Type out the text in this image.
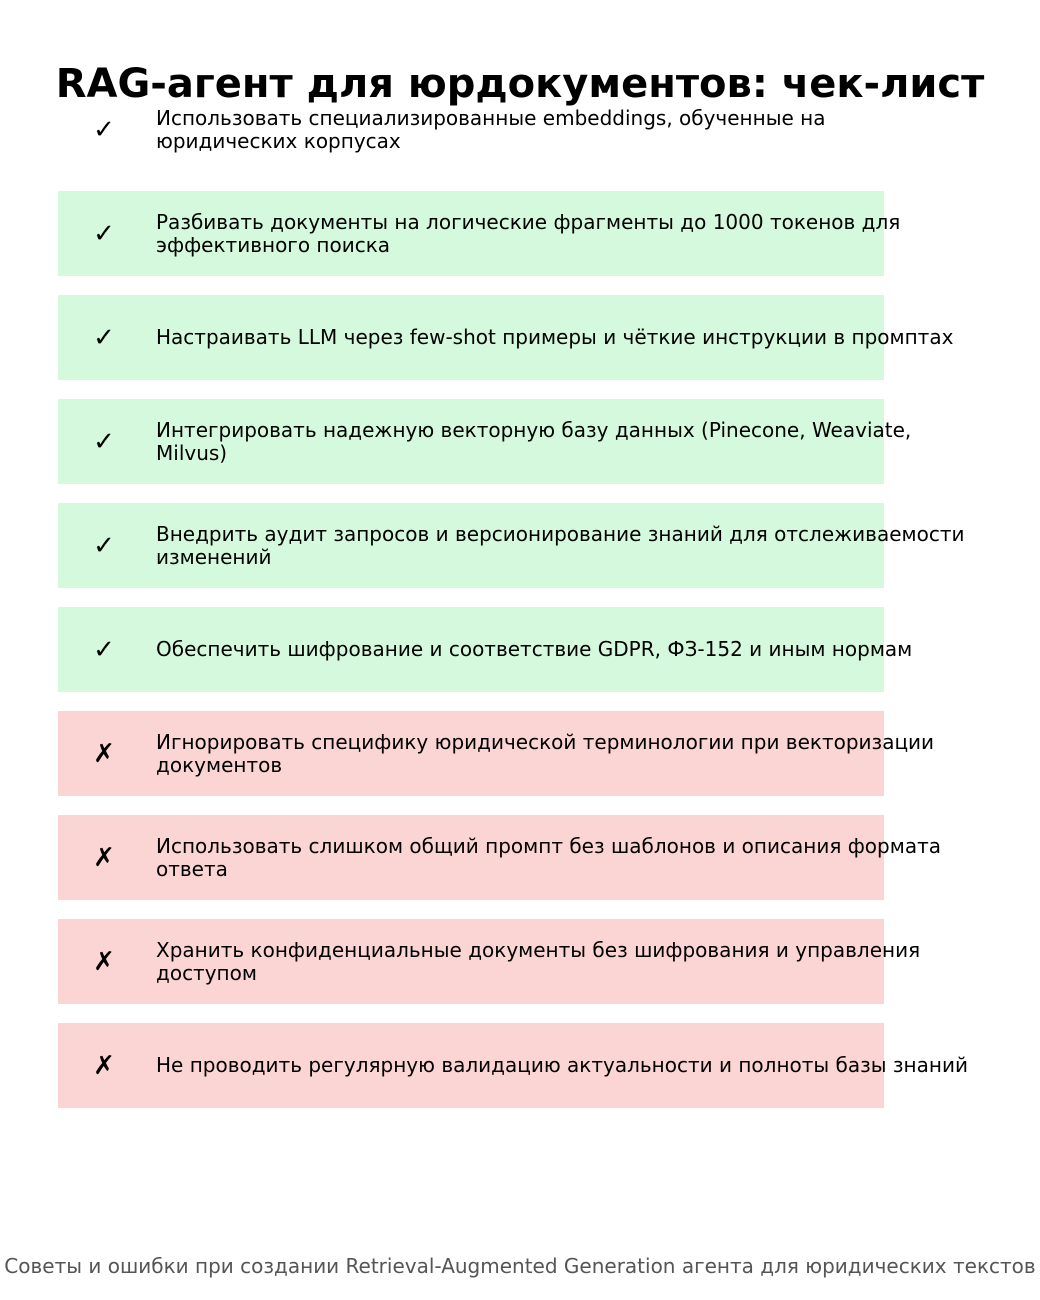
RAG-агент для юрдокументов: чек-лист
✓ Использовать специализированные embeddings, обученные на
юридических корпусах
✓ Разбивать документы на логические фрагменты до 1000 токенов для
эффективного поиска
✓ Настраивать LLM через few-shot примеры и чёткие инструкции в промптах
✓ Интегрировать надежную векторную базу данных (Pinecone, Weaviate,
Milvus)
✓ Внедрить аудит запросов и версионирование знаний для отслеживаемости
изменений
✓ Обеспечить шифрование и соответствие GDPR, ФЗ-152 и иным нормам
✗ Игнорировать специфику юридической терминологии при векторизации
документов
✗ Использовать слишком общий промпт без шаблонов и описания формата
ответа
✗ Хранить конфиденциальные документы без шифрования и управления
доступом
✗ Не проводить регулярную валидацию актуальности и полноты базы знаний
Советы и ошибки при создании Retrieval-Augmented Generation агента для юридических текстов
